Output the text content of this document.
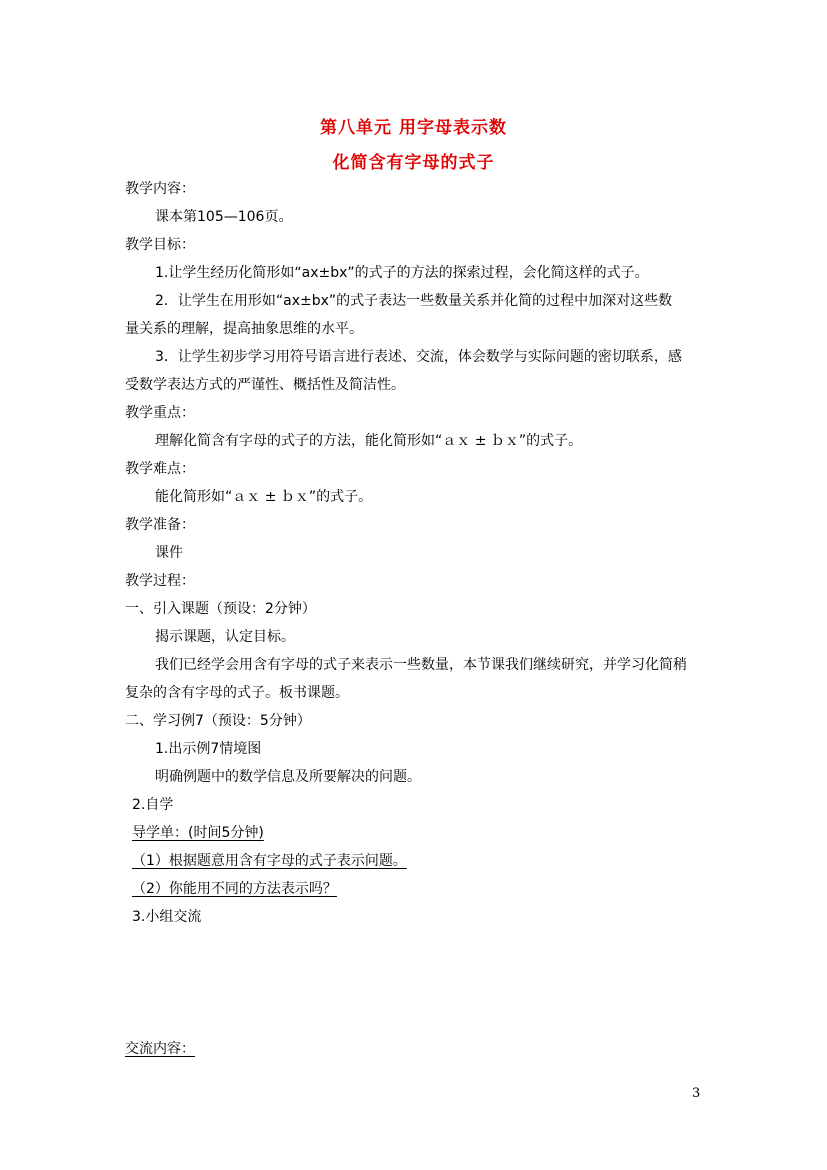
第八单元 用字母表示数
化简含有字母的式子
教学内容：
课本第105—106页。
教学目标：
1.让学生经历化简形如“ax±bx”的式子的方法的探索过程，会化简这样的式子。
2．让学生在用形如“ax±bx”的式子表达一些数量关系并化简的过程中加深对这些数
量关系的理解，提高抽象思维的水平。
3．让学生初步学习用符号语言进行表述、交流，体会数学与实际问题的密切联系，感
受数学表达方式的严谨性、概括性及简洁性。
教学重点：
理解化简含有字母的式子的方法，能化简形如“ａｘ ± ｂｘ”的式子。
教学难点：
能化简形如“ａｘ ± ｂｘ”的式子。
教学准备：
课件
教学过程：
一、引入课题（预设：2分钟）
揭示课题，认定目标。
我们已经学会用含有字母的式子来表示一些数量，本节课我们继续研究，并学习化简稍
复杂的含有字母的式子。板书课题。
二、学习例7（预设：5分钟）
1.出示例7情境图
明确例题中的数学信息及所要解决的问题。
2.自学
导学单：(时间5分钟)
（1）根据题意用含有字母的式子表示问题。
（2）你能用不同的方法表示吗？
3.小组交流
交流内容：
3
